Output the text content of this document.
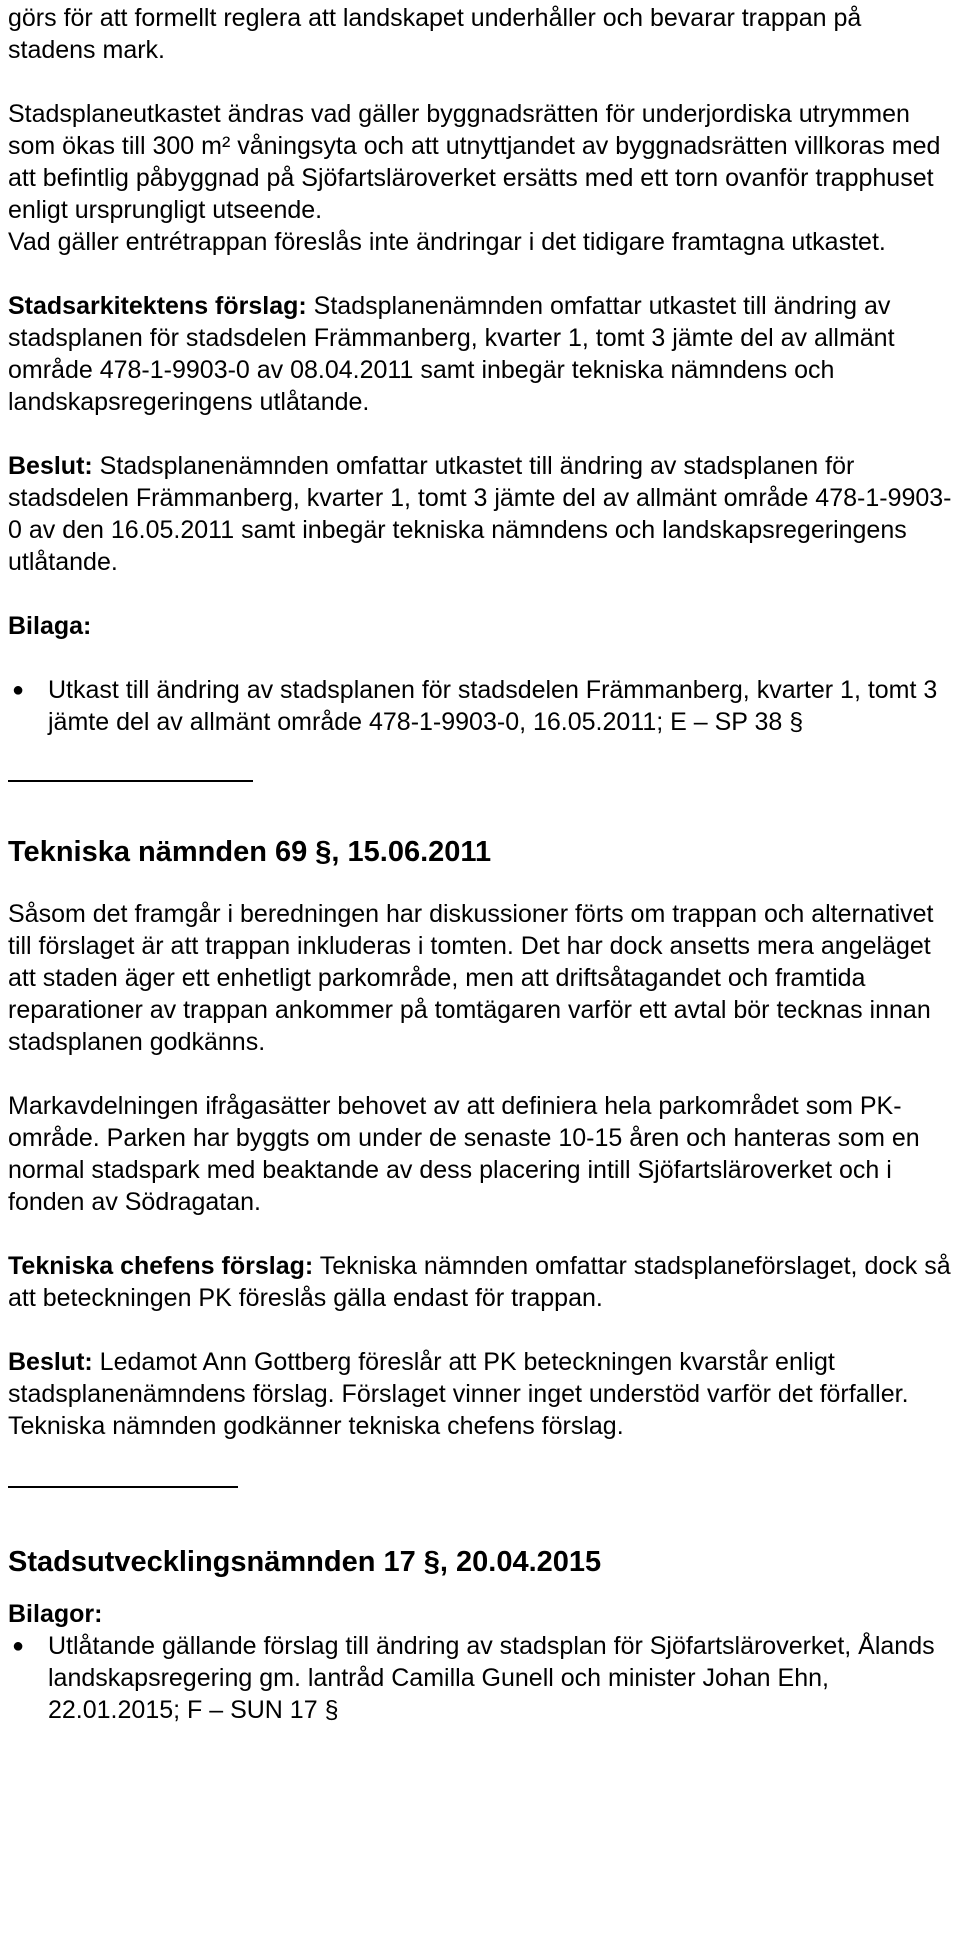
görs för att formellt reglera att landskapet underhåller och bevarar trappan på stadens mark.

Stadsplaneutkastet ändras vad gäller byggnadsrätten för underjordiska utrymmen som ökas till 300 m² våningsyta och att utnyttjandet av byggnadsrätten villkoras med att befintlig påbyggnad på Sjöfartsläroverket ersätts med ett torn ovanför trapphuset enligt ursprungligt utseende.

Vad gäller entrétrappan föreslås inte ändringar i det tidigare framtagna utkastet.

Stadsarkitektens förslag: Stadsplanenämnden omfattar utkastet till ändring av stadsplanen för stadsdelen Främmanberg, kvarter 1, tomt 3 jämte del av allmänt område 478-1-9903-0 av 08.04.2011 samt inbegär tekniska nämndens och landskapsregeringens utlåtande.

Beslut: Stadsplanenämnden omfattar utkastet till ändring av stadsplanen för stadsdelen Främmanberg, kvarter 1, tomt 3 jämte del av allmänt område 478-1-9903-0 av den 16.05.2011 samt inbegär tekniska nämndens och landskapsregeringens utlåtande.

Bilaga:

● Utkast till ändring av stadsplanen för stadsdelen Främmanberg, kvarter 1, tomt 3 jämte del av allmänt område 478-1-9903-0, 16.05.2011; E – SP 38 §

Tekniska nämnden 69 §, 15.06.2011

Såsom det framgår i beredningen har diskussioner förts om trappan och alternativet till förslaget är att trappan inkluderas i tomten. Det har dock ansetts mera angeläget att staden äger ett enhetligt parkområde, men att driftsåtagandet och framtida reparationer av trappan ankommer på tomtägaren varför ett avtal bör tecknas innan stadsplanen godkänns.

Markavdelningen ifrågasätter behovet av att definiera hela parkområdet som PK-område. Parken har byggts om under de senaste 10-15 åren och hanteras som en normal stadspark med beaktande av dess placering intill Sjöfartsläroverket och i fonden av Södragatan.

Tekniska chefens förslag: Tekniska nämnden omfattar stadsplaneförslaget, dock så att beteckningen PK föreslås gälla endast för trappan.

Beslut: Ledamot Ann Gottberg föreslår att PK beteckningen kvarstår enligt stadsplanenämndens förslag. Förslaget vinner inget understöd varför det förfaller.

Tekniska nämnden godkänner tekniska chefens förslag.

Stadsutvecklingsnämnden 17 §, 20.04.2015

Bilagor:

● Utlåtande gällande förslag till ändring av stadsplan för Sjöfartsläroverket, Ålands landskapsregering gm. lantråd Camilla Gunell och minister Johan Ehn, 22.01.2015; F – SUN 17 §
